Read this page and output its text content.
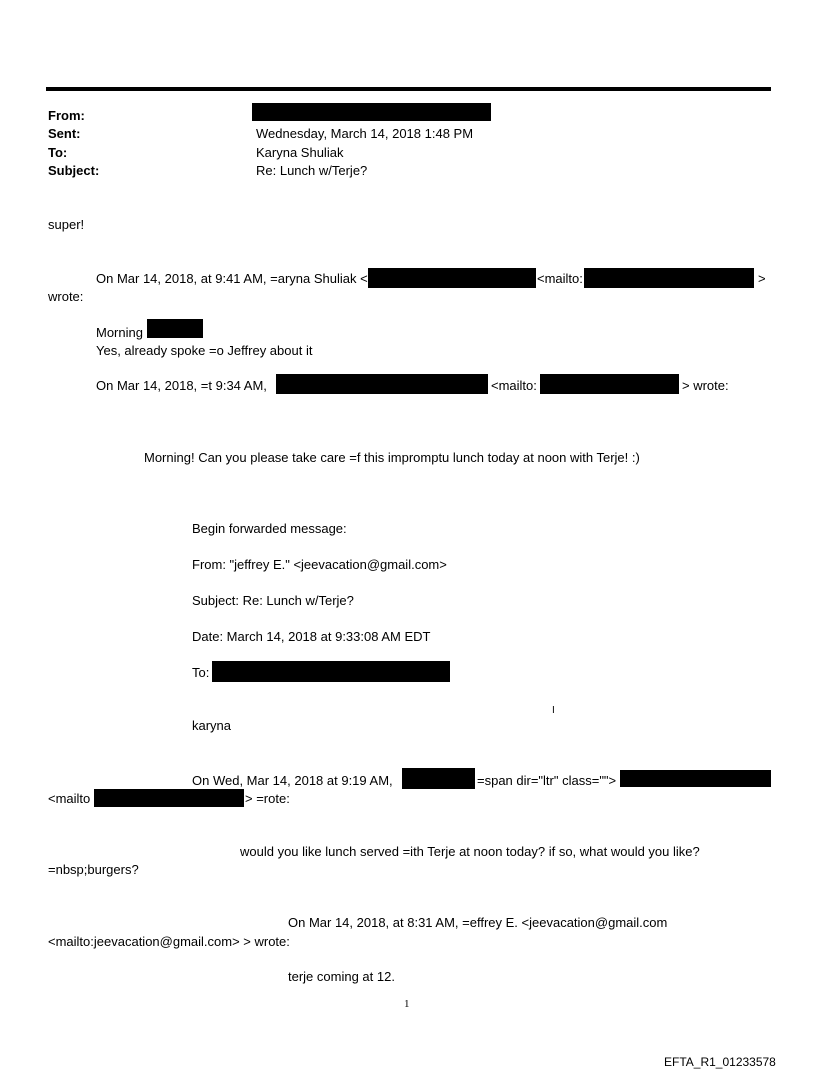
From:
Sent:	Wednesday, March 14, 2018 1:48 PM
To:	Karyna Shuliak
Subject:	Re: Lunch w/Terje?
super!
On Mar 14, 2018, at 9:41 AM, =aryna Shuliak <	<mailto:	>
wrote:
Morning
Yes, already spoke =o Jeffrey about it
On Mar 14, 2018, =t 9:34 AM,	<mailto:	> wrote:
Morning! Can you please take care =f this impromptu lunch today at noon with Terje! :)
Begin forwarded message:
From: "jeffrey E." <jeevacation@gmail.com>
Subject: Re: Lunch w/Terje?
Date: March 14, 2018 at 9:33:08 AM EDT
To:
I
karyna
On Wed, Mar 14, 2018 at 9:19 AM,	=span dir="ltr" class="">
<mailto	> =rote:
would you like lunch served =ith Terje at noon today? if so, what would you like?
=nbsp;burgers?
On Mar 14, 2018, at 8:31 AM, =effrey E. <jeevacation@gmail.com
<mailto:jeevacation@gmail.com> > wrote:
terje coming at 12.
1
EFTA_R1_01233578
